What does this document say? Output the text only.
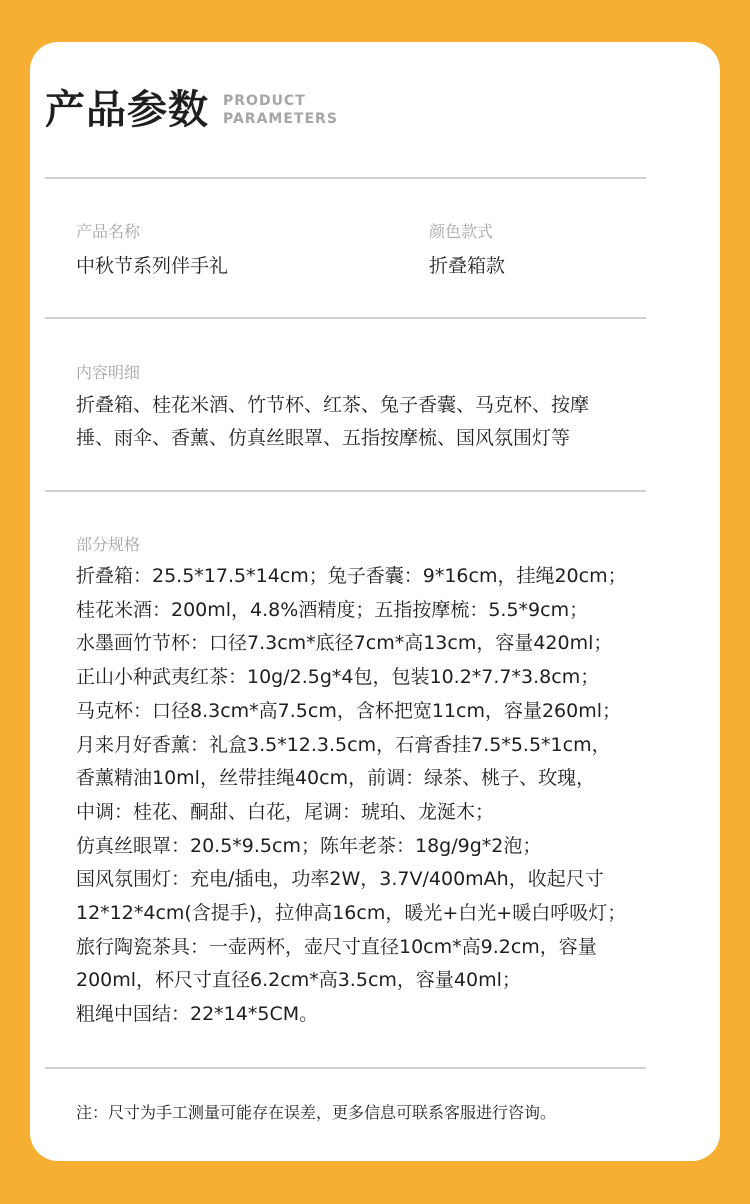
产品参数 PRODUCT
PARAMETERS
产品名称
中秋节系列伴手礼
颜色款式
折叠箱款
内容明细
折叠箱、桂花米酒、竹节杯、红茶、兔子香囊、马克杯、按摩
捶、雨伞、香薰、仿真丝眼罩、五指按摩梳、国风氛围灯等
部分规格
折叠箱：25.5*17.5*14cm；兔子香囊：9*16cm，挂绳20cm；
桂花米酒：200ml，4.8%酒精度；五指按摩梳：5.5*9cm；
水墨画竹节杯：口径7.3cm*底径7cm*高13cm，容量420ml；
正山小种武夷红茶：10g/2.5g*4包，包装10.2*7.7*3.8cm；
马克杯：口径8.3cm*高7.5cm，含杯把宽11cm，容量260ml；
月来月好香薰：礼盒3.5*12.3.5cm，石膏香挂7.5*5.5*1cm，
香薰精油10ml，丝带挂绳40cm，前调：绿茶、桃子、玫瑰，
中调：桂花、酮甜、白花，尾调：琥珀、龙涎木；
仿真丝眼罩：20.5*9.5cm；陈年老茶：18g/9g*2泡；
国风氛围灯：充电/插电，功率2W，3.7V/400mAh，收起尺寸
12*12*4cm(含提手)，拉伸高16cm，暖光+白光+暖白呼吸灯；
旅行陶瓷茶具：一壶两杯，壶尺寸直径10cm*高9.2cm，容量
200ml，杯尺寸直径6.2cm*高3.5cm，容量40ml；
粗绳中国结：22*14*5CM。
注：尺寸为手工测量可能存在误差，更多信息可联系客服进行咨询。
